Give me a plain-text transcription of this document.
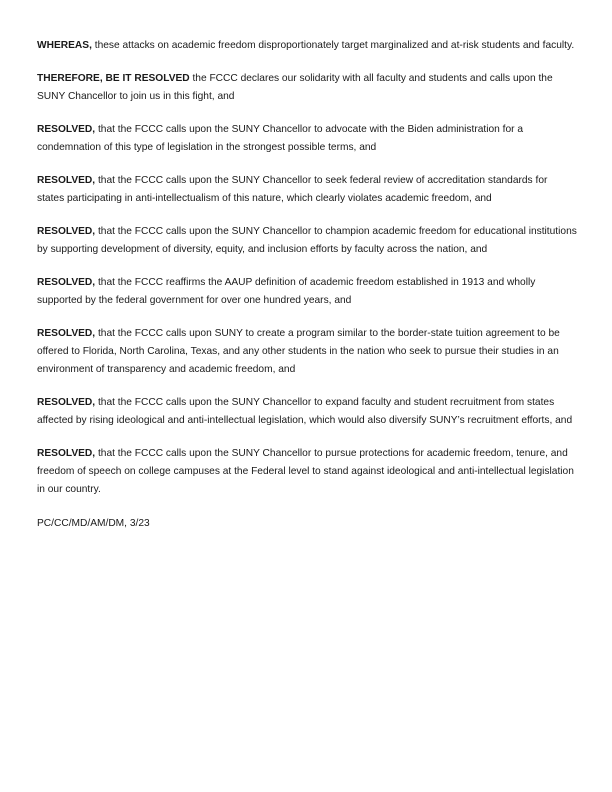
WHEREAS, these attacks on academic freedom disproportionately target marginalized and at-risk students and faculty.

THEREFORE, BE IT RESOLVED the FCCC declares our solidarity with all faculty and students and calls upon the SUNY Chancellor to join us in this fight, and

RESOLVED, that the FCCC calls upon the SUNY Chancellor to advocate with the Biden administration for a condemnation of this type of legislation in the strongest possible terms, and

RESOLVED, that the FCCC calls upon the SUNY Chancellor to seek federal review of accreditation standards for states participating in anti-intellectualism of this nature, which clearly violates academic freedom, and

RESOLVED, that the FCCC calls upon the SUNY Chancellor to champion academic freedom for educational institutions by supporting development of diversity, equity, and inclusion efforts by faculty across the nation, and

RESOLVED, that the FCCC reaffirms the AAUP definition of academic freedom established in 1913 and wholly supported by the federal government for over one hundred years, and

RESOLVED, that the FCCC calls upon SUNY to create a program similar to the border-state tuition agreement to be offered to Florida, North Carolina, Texas, and any other students in the nation who seek to pursue their studies in an environment of transparency and academic freedom, and

RESOLVED, that the FCCC calls upon the SUNY Chancellor to expand faculty and student recruitment from states affected by rising ideological and anti-intellectual legislation, which would also diversify SUNY’s recruitment efforts, and

RESOLVED, that the FCCC calls upon the SUNY Chancellor to pursue protections for academic freedom, tenure, and freedom of speech on college campuses at the Federal level to stand against ideological and anti-intellectual legislation in our country.

PC/CC/MD/AM/DM, 3/23
